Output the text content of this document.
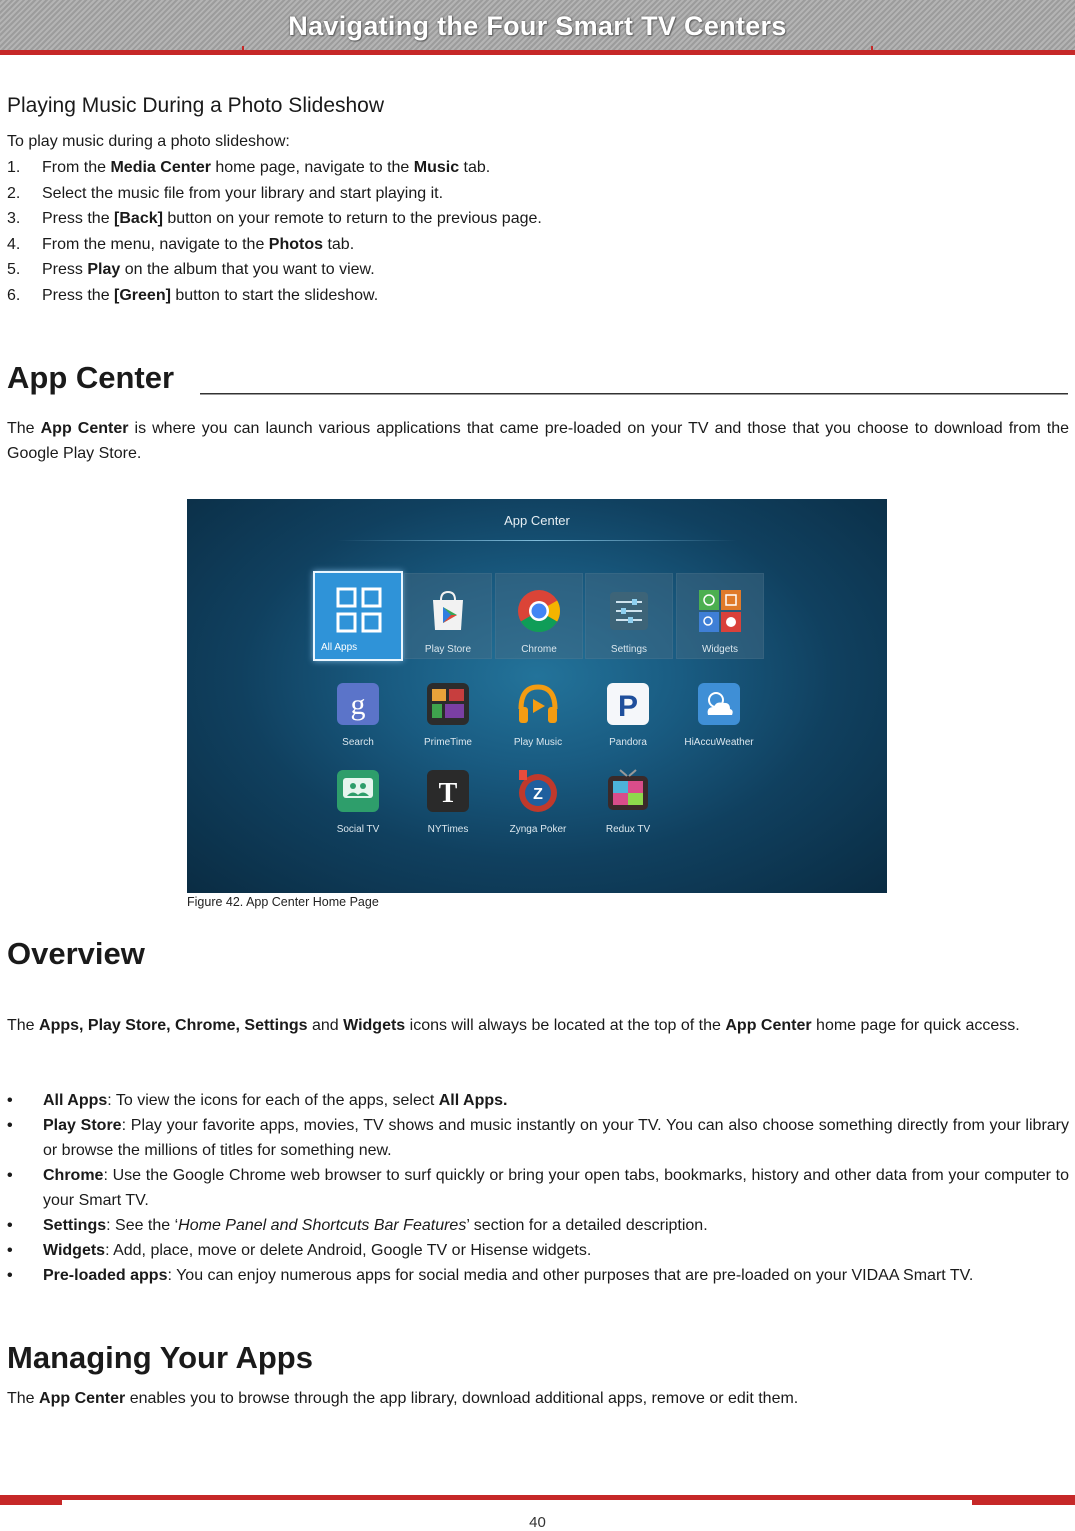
Navigating the Four Smart TV Centers
Playing Music During a Photo Slideshow

To play music during a photo slideshow:

1. From the Media Center home page, navigate to the Music tab.
2. Select the music file from your library and start playing it.
3. Press the [Back] button on your remote to return to the previous page.
4. From the menu, navigate to the Photos tab.
5. Press Play on the album that you want to view.
6. Press the [Green] button to start the slideshow.
App Center

The App Center is where you can launch various applications that came pre-loaded on your TV and those that you choose to download from the Google Play Store.

App Center
All Apps	Play Store	Chrome	Settings	Widgets
g
Search	PrimeTime	Play Music
P
Pandora	HiAccuWeather
Social TV
T
NYTimes
Z
Zynga Poker	Redux TV
Figure 42. App Center Home Page
Overview

The Apps, Play Store, Chrome, Settings and Widgets icons will always be located at the top of the App Center home page for quick access.

• All Apps: To view the icons for each of the apps, select All Apps.
• Play Store: Play your favorite apps, movies, TV shows and music instantly on your TV. You can also choose something directly from your library or browse the millions of titles for something new.
• Chrome: Use the Google Chrome web browser to surf quickly or bring your open tabs, bookmarks, history and other data from your computer to your Smart TV.
• Settings: See the ‘Home Panel and Shortcuts Bar Features’ section for a detailed description.
• Widgets: Add, place, move or delete Android, Google TV or Hisense widgets.
• Pre-loaded apps: You can enjoy numerous apps for social media and other purposes that are pre-loaded on your VIDAA Smart TV.
Managing Your Apps

The App Center enables you to browse through the app library, download additional apps, remove or edit them.

40
